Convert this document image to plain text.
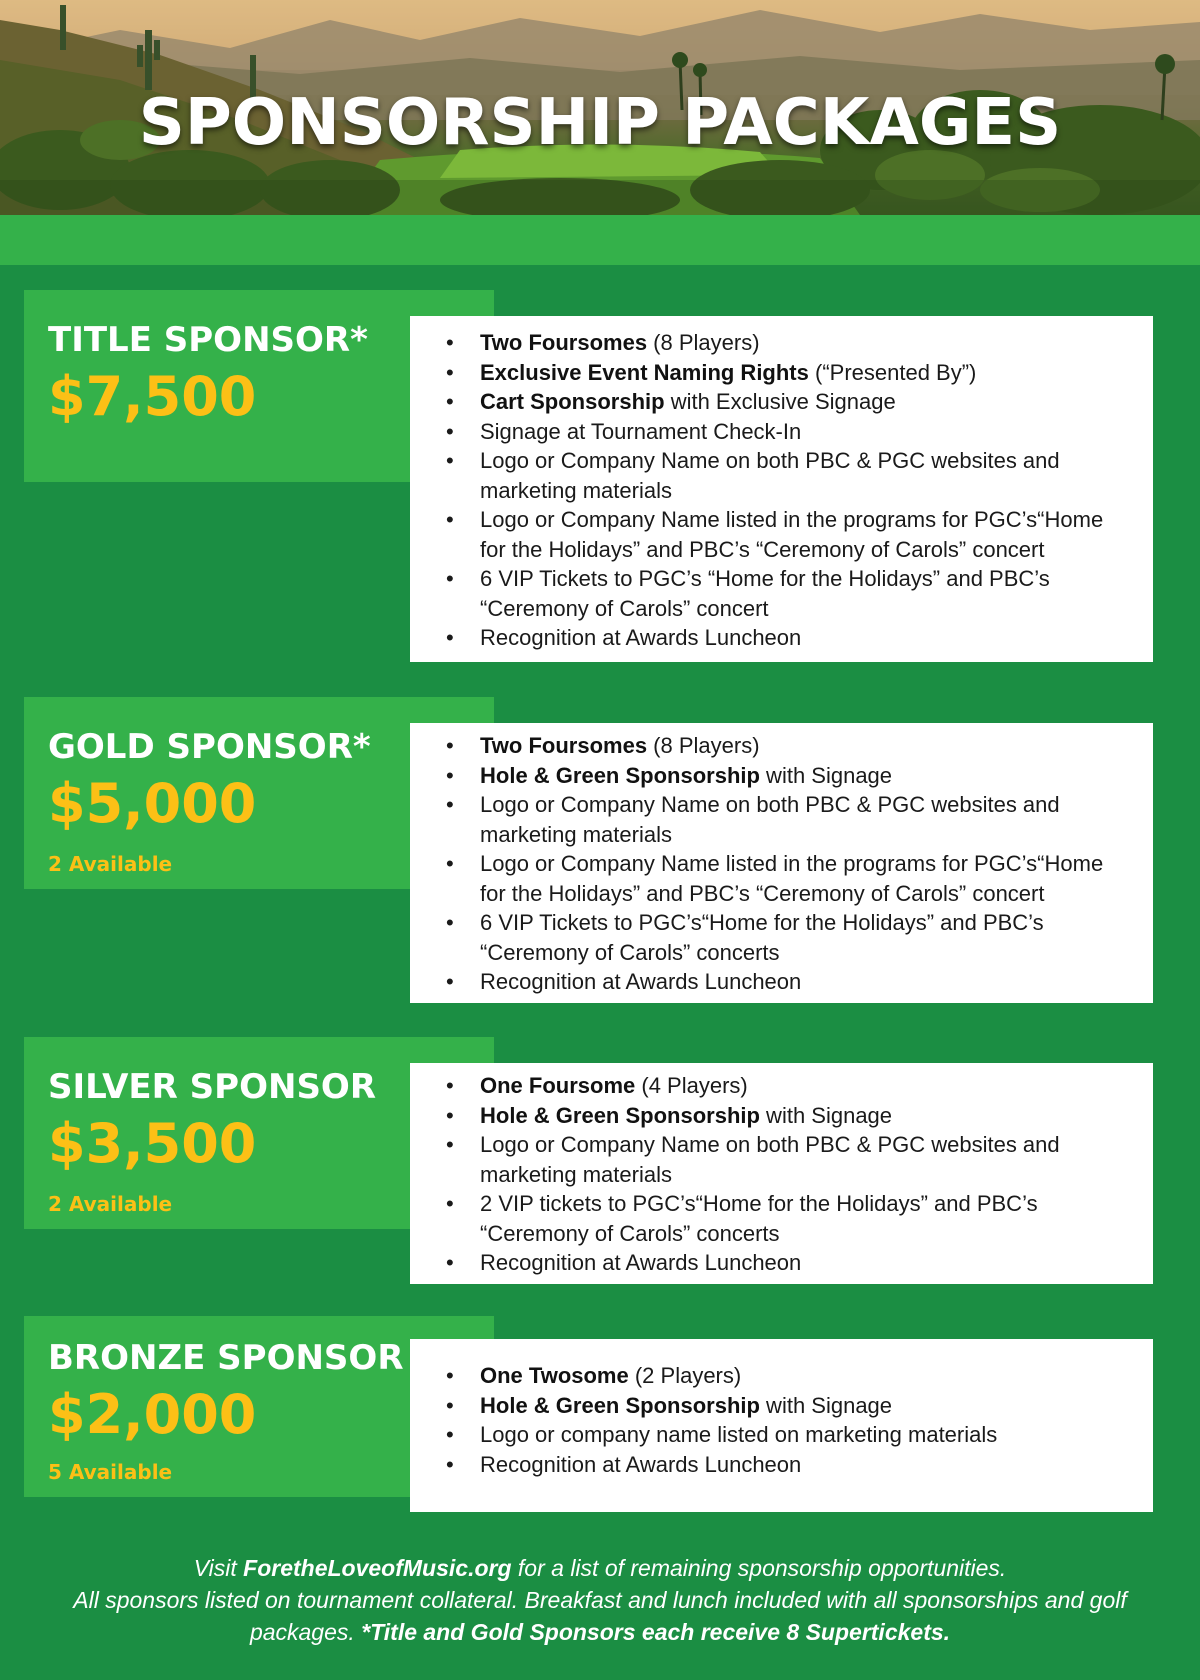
SPONSORSHIP PACKAGES
TITLE SPONSOR*
$7,500
• Two Foursomes (8 Players)
• Exclusive Event Naming Rights (“Presented By”)
• Cart Sponsorship with Exclusive Signage
• Signage at Tournament Check-In
• Logo or Company Name on both PBC & PGC websites and marketing materials
• Logo or Company Name listed in the programs for PGC’s“Home for the Holidays” and PBC’s “Ceremony of Carols” concert
• 6 VIP Tickets to PGC’s “Home for the Holidays” and PBC’s “Ceremony of Carols” concert
• Recognition at Awards Luncheon
GOLD SPONSOR*
$5,000
2 Available
• Two Foursomes (8 Players)
• Hole & Green Sponsorship with Signage
• Logo or Company Name on both PBC & PGC websites and marketing materials
• Logo or Company Name listed in the programs for PGC’s“Home for the Holidays” and PBC’s “Ceremony of Carols” concert
• 6 VIP Tickets to PGC’s“Home for the Holidays” and PBC’s “Ceremony of Carols” concerts
• Recognition at Awards Luncheon
SILVER SPONSOR
$3,500
2 Available
• One Foursome (4 Players)
• Hole & Green Sponsorship with Signage
• Logo or Company Name on both PBC & PGC websites and marketing materials
• 2 VIP tickets to PGC’s“Home for the Holidays” and PBC’s “Ceremony of Carols” concerts
• Recognition at Awards Luncheon
BRONZE SPONSOR
$2,000
5 Available
• One Twosome (2 Players)
• Hole & Green Sponsorship with Signage
• Logo or company name listed on marketing materials
• Recognition at Awards Luncheon
Visit ForetheLoveofMusic.org for a list of remaining sponsorship opportunities.
All sponsors listed on tournament collateral. Breakfast and lunch included with all sponsorships and golf packages. *Title and Gold Sponsors each receive 8 Supertickets.
